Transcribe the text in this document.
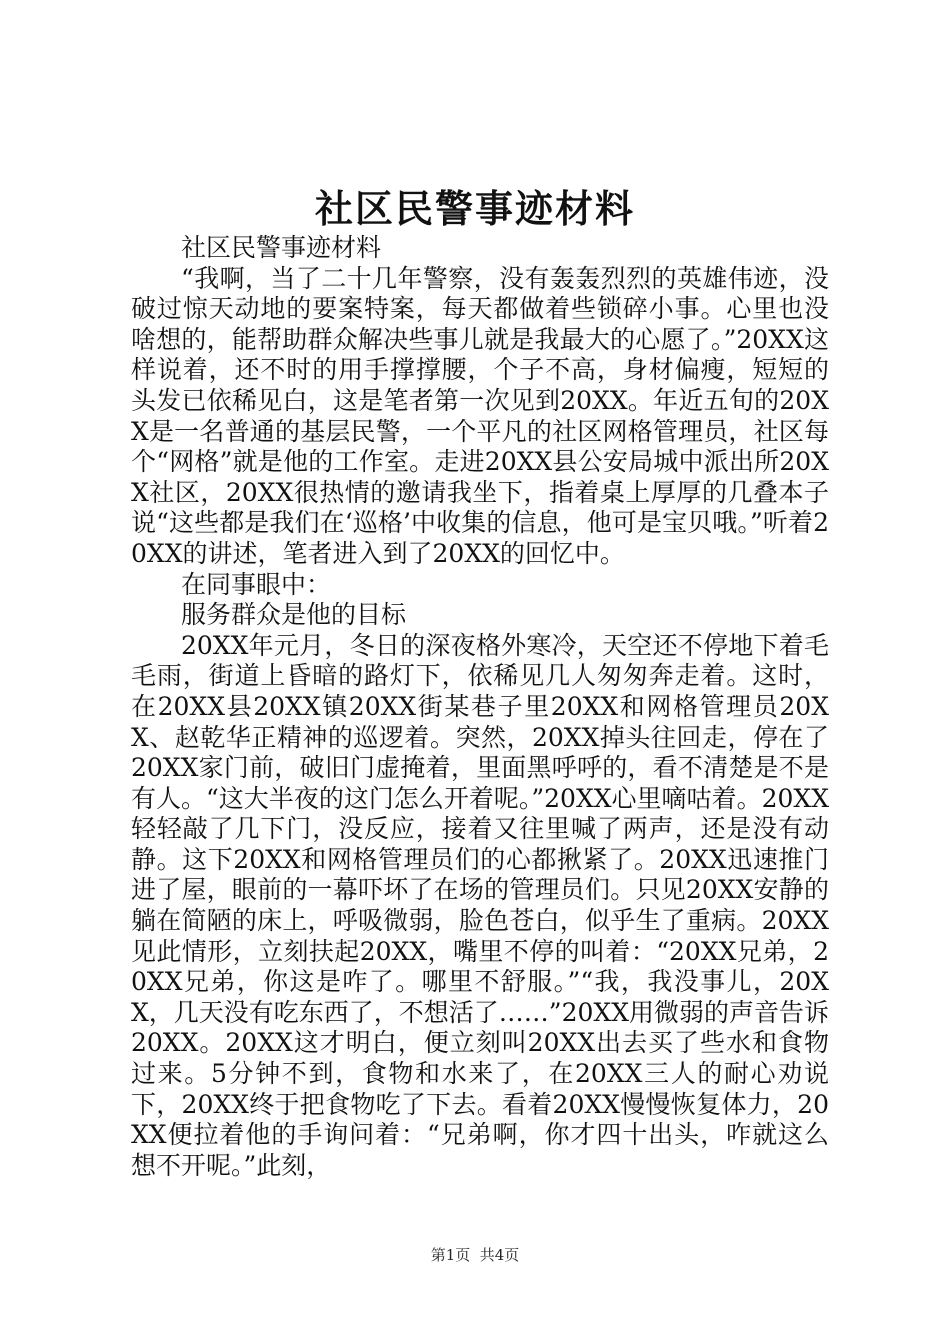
社区民警事迹材料

社区民警事迹材料

“我啊，当了二十几年警察，没有轰轰烈烈的英雄伟迹，没破过惊天动地的要案特案，每天都做着些锁碎小事。心里也没啥想的，能帮助群众解决些事儿就是我最大的心愿了。”20XX这样说着，还不时的用手撑撑腰，个子不高，身材偏瘦，短短的头发已依稀见白，这是笔者第一次见到20XX。年近五旬的20XX是一名普通的基层民警，一个平凡的社区网格管理员，社区每个“网格”就是他的工作室。走进20XX县公安局城中派出所20XX社区，20XX很热情的邀请我坐下，指着桌上厚厚的几叠本子说“这些都是我们在‘巡格’中收集的信息，他可是宝贝哦。”听着20XX的讲述，笔者进入到了20XX的回忆中。

在同事眼中：

服务群众是他的目标

20XX年元月，冬日的深夜格外寒冷，天空还不停地下着毛毛雨，街道上昏暗的路灯下，依稀见几人匆匆奔走着。这时，在20XX县20XX镇20XX街某巷子里20XX和网格管理员20XX、赵乾华正精神的巡逻着。突然，20XX掉头往回走，停在了20XX家门前，破旧门虚掩着，里面黑呼呼的，看不清楚是不是有人。“这大半夜的这门怎么开着呢。”20XX心里嘀咕着。20XX轻轻敲了几下门，没反应，接着又往里喊了两声，还是没有动静。这下20XX和网格管理员们的心都揪紧了。20XX迅速推门进了屋，眼前的一幕吓坏了在场的管理员们。只见20XX安静的躺在简陋的床上，呼吸微弱，脸色苍白，似乎生了重病。20XX见此情形，立刻扶起20XX，嘴里不停的叫着：“20XX兄弟，20XX兄弟，你这是咋了。哪里不舒服。”“我，我没事儿，20XX，几天没有吃东西了，不想活了……”20XX用微弱的声音告诉20XX。20XX这才明白，便立刻叫20XX出去买了些水和食物过来。5分钟不到，食物和水来了，在20XX三人的耐心劝说下，20XX终于把食物吃了下去。看着20XX慢慢恢复体力，20XX便拉着他的手询问着：“兄弟啊，你才四十出头，咋就这么想不开呢。”此刻，

第1页  共4页
